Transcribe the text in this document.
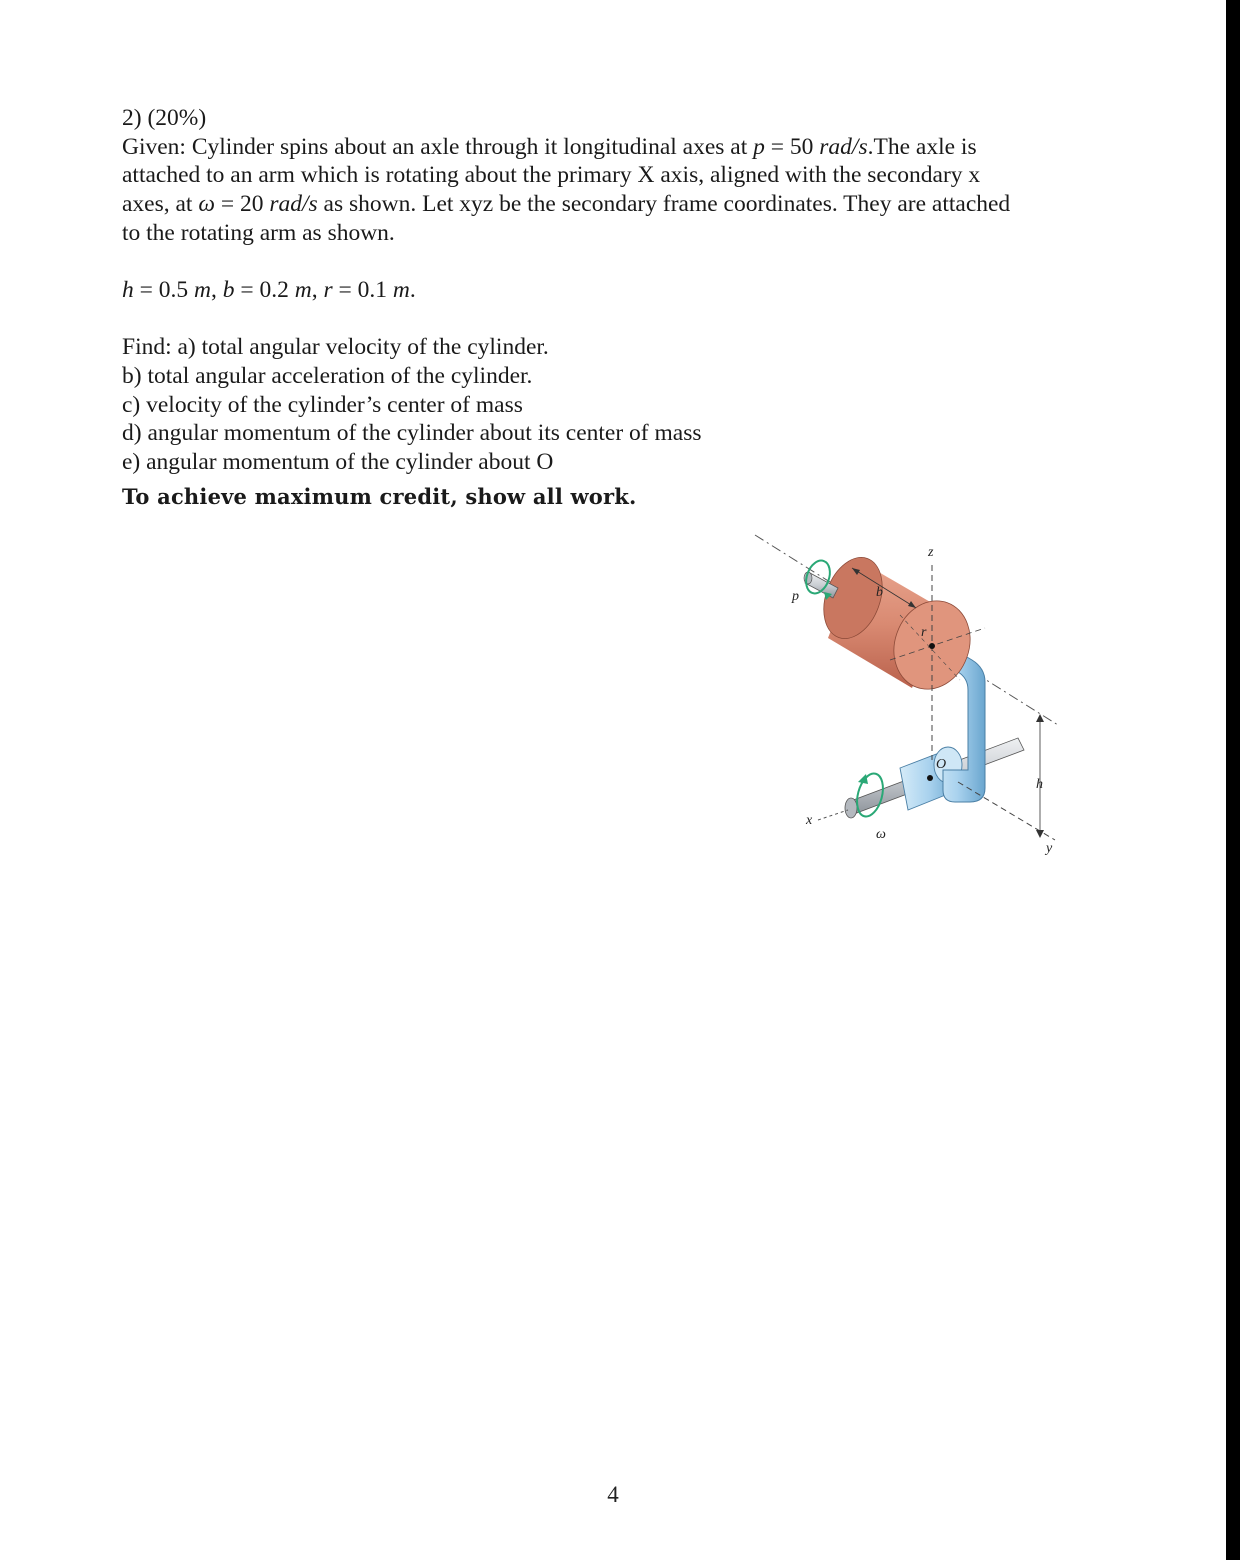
2) (20%)
Given: Cylinder spins about an axle through it longitudinal axes at p = 50 rad/s.The axle is
attached to an arm which is rotating about the primary X axis, aligned with the secondary x
axes, at ω = 20 rad/s as shown. Let xyz be the secondary frame coordinates. They are attached
to the rotating arm as shown.
h = 0.5 m, b = 0.2 m, r = 0.1 m.
Find: a) total angular velocity of the cylinder.
b) total angular acceleration of the cylinder.
c) velocity of the cylinder’s center of mass
d) angular momentum of the cylinder about its center of mass
e) angular momentum of the cylinder about O
To achieve maximum credit, show all work.
p	b
z
r
O
h
x
ω
y
4
